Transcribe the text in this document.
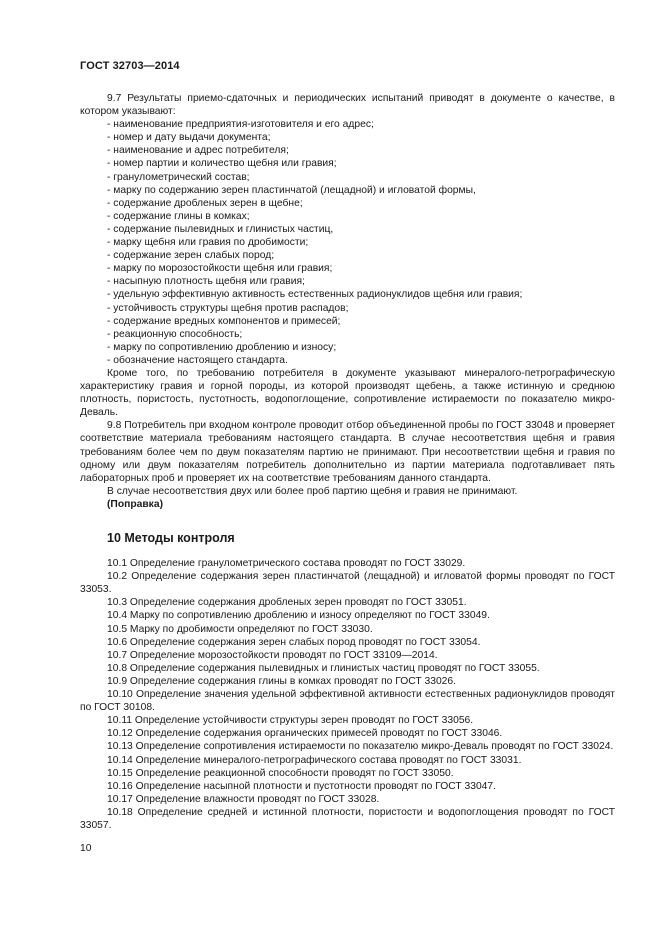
ГОСТ 32703—2014

9.7 Результаты приемо-сдаточных и периодических испытаний приводят в документе о качестве, в котором указывают:

- наименование предприятия-изготовителя и его адрес;

- номер и дату выдачи документа;

- наименование и адрес потребителя;

- номер партии и количество щебня или гравия;

- гранулометрический состав;

- марку по содержанию зерен пластинчатой (лещадной) и игловатой формы,

- содержание дробленых зерен в щебне;

- содержание глины в комках;

- содержание пылевидных и глинистых частиц,

- марку щебня или гравия по дробимости;

- содержание зерен слабых пород;

- марку по морозостойкости щебня или гравия;

- насыпную плотность щебня или гравия;

- удельную эффективную активность естественных радионуклидов щебня или гравия;

- устойчивость структуры щебня против распадов;

- содержание вредных компонентов и примесей;

- реакционную способность;

- марку по сопротивлению дроблению и износу;

- обозначение настоящего стандарта.

Кроме того, по требованию потребителя в документе указывают минералого-петрографическую характеристику гравия и горной породы, из которой производят щебень, а также истинную и среднюю плотность, пористость, пустотность, водопоглощение, сопротивление истираемости по показателю микро-Деваль.

9.8 Потребитель при входном контроле проводит отбор объединенной пробы по ГОСТ 33048 и проверяет соответствие материала требованиям настоящего стандарта. В случае несоответствия щебня и гравия требованиям более чем по двум показателям партию не принимают. При несоответствии щебня и гравия по одному или двум показателям потребитель дополнительно из партии материала подготавливает пять лабораторных проб и проверяет их на соответствие требованиям данного стандарта.

В случае несоответствия двух или более проб партию щебня и гравия не принимают.

(Поправка)

10 Методы контроля

10.1 Определение гранулометрического состава проводят по ГОСТ 33029.

10.2 Определение содержания зерен пластинчатой (лещадной) и игловатой формы проводят по ГОСТ 33053.

10.3 Определение содержания дробленых зерен проводят по ГОСТ 33051.

10.4 Марку по сопротивлению дроблению и износу определяют по ГОСТ 33049.

10.5 Марку по дробимости определяют по ГОСТ 33030.

10.6 Определение содержания зерен слабых пород проводят по ГОСТ 33054.

10.7 Определение морозостойкости проводят по ГОСТ 33109—2014.

10.8 Определение содержания пылевидных и глинистых частиц проводят по ГОСТ 33055.

10.9 Определение содержания глины в комках проводят по ГОСТ 33026.

10.10 Определение значения удельной эффективной активности естественных радионуклидов проводят по ГОСТ 30108.

10.11 Определение устойчивости структуры зерен проводят по ГОСТ 33056.

10.12 Определение содержания органических примесей проводят по ГОСТ 33046.

10.13 Определение сопротивления истираемости по показателю микро-Деваль проводят по ГОСТ 33024.

10.14 Определение минералого-петрографического состава проводят по ГОСТ 33031.

10.15 Определение реакционной способности проводят по ГОСТ 33050.

10.16 Определение насыпной плотности и пустотности проводят по ГОСТ 33047.

10.17 Определение влажности проводят по ГОСТ 33028.

10.18 Определение средней и истинной плотности, пористости и водопоглощения проводят по ГОСТ 33057.

10
